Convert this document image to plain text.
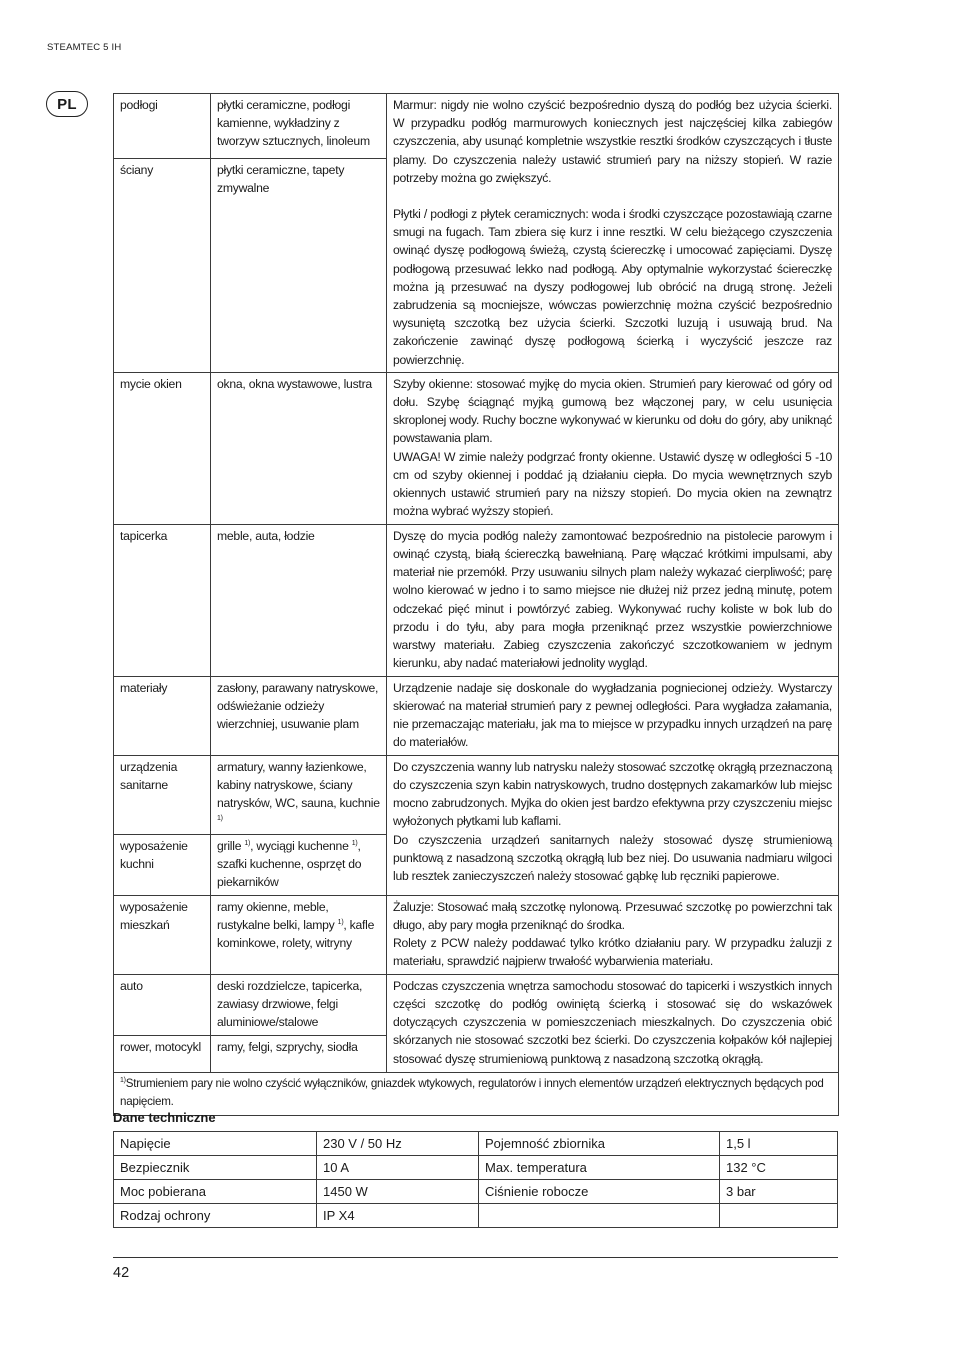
STEAMTEC 5 IH
PL	podłogi	płytki ceramiczne, podłogi kamienne, wykładziny z tworzyw sztucznych, linoleum	Marmur: nigdy nie wolno czyścić bezpośrednio dyszą do podłóg bez użycia ścierki. W przypadku podłóg marmurowych koniecznych jest najczęściej kilka zabiegów czyszczenia, aby usunąć kompletnie wszystkie resztki środków czyszczących i tłuste plamy. Do czyszczenia należy ustawić strumień pary na niższy stopień. W razie potrzeby można go zwiększyć.
Płytki / podłogi z płytek ceramicznych: woda i środki czyszczące pozostawiają czarne smugi na fugach. Tam zbiera się kurz i inne resztki. W celu bieżącego czyszczenia owinąć dyszę podłogową świeżą, czystą ściereczkę i umocować zapięciami. Dyszę podłogową przesuwać lekko nad podłogą. Aby optymalnie wykorzystać ściereczkę można ją przesuwać na dyszy podłogowej lub obrócić na drugą stronę. Jeżeli zabrudzenia są mocniejsze, wówczas powierzchnię można czyścić bezpośrednio wysuniętą szczotką bez użycia ścierki. Szczotki luzują i usuwają brud. Na zakończenie zawinąć dyszę podłogową ścierką i wyczyścić jeszcze raz powierzchnię.

ściany	płytki ceramiczne, tapety zmywalne	
mycie okien	okna, okna wystawowe, lustra	Szyby okienne: stosować myjkę do mycia okien. Strumień pary kierować od góry od dołu. Szybę ściągnąć myjką gumową bez włączonej pary, w celu usunięcia skroplonej wody. Ruchy boczne wykonywać w kierunku od dołu do góry, aby uniknąć powstawania plam.
UWAGA! W zimie należy podgrzać fronty okienne. Ustawić dyszę w odległości 5 -10 cm od szyby okiennej i poddać ją działaniu ciepła. Do mycia wewnętrznych szyb okiennych ustawić strumień pary na niższy stopień. Do mycia okien na zewnątrz można wybrać wyższy stopień.

tapicerka	meble, auta, łodzie	Dyszę do mycia podłóg należy zamontować bezpośrednio na pistolecie parowym i owinąć czystą, białą ściereczką bawełnianą. Parę włączać krótkimi impulsami, aby materiał nie przemókł. Przy usuwaniu silnych plam należy wykazać cierpliwość; parę wolno kierować w jedno i to samo miejsce nie dłużej niż przez jedną minutę, potem odczekać pięć minut i powtórzyć zabieg. Wykonywać ruchy koliste w bok lub do przodu i do tyłu, aby para mogła przeniknąć przez wszystkie powierzchniowe warstwy materiału. Zabieg czyszczenia zakończyć szczotkowaniem w jednym kierunku, aby nadać materiałowi jednolity wygląd.
materiały	zasłony, parawany natryskowe, odświeżanie odzieży wierzchniej, usuwanie plam	Urządzenie nadaje się doskonale do wygładzania pogniecionej odzieży. Wystarczy skierować na materiał strumień pary z pewnej odległości. Para wygładza załamania, nie przemaczając materiału, jak ma to miejsce w przypadku innych urządzeń na parę do materiałów.
urządzenia sanitarne	armatury, wanny łazienkowe, kabiny natryskowe, ściany natrysków, WC, sauna, kuchnie $^{1)}$	Do czyszczenia wanny lub natrysku należy stosować szczotkę okrągłą przeznaczoną do czyszczenia szyn kabin natryskowych, trudno dostępnych zakamarków lub miejsc mocno zabrudzonych. Myjka do okien jest bardzo efektywna przy czyszczeniu miejsc wyłożonych płytkami lub kaflami.
Do czyszczenia urządzeń sanitarnych należy stosować dyszę strumieniową punktową z nasadzoną szczotką okrągłą lub bez niej. Do usuwania nadmiaru wilgoci lub resztek zanieczyszczeń należy stosować gąbkę lub ręczniki papierowe.

wyposażenie kuchni	grille $^{1)}$, wyciągi kuchenne $^{1)}$, szafki kuchenne, osprzęt do piekarników	
wyposażenie mieszkań	ramy okienne, meble, rustykalne belki, lampy $^{1)}$, kafle kominkowe, rolety, witryny	Żaluzje: Stosować małą szczotkę nylonową. Przesuwać szczotkę po powierzchni tak długo, aby pary mogła przeniknąć do środka.
Rolety z PCW należy poddawać tylko krótko działaniu pary. W przypadku żaluzji z materiału, sprawdzić najpierw trwałość wybarwienia materiału.

auto	deski rozdzielcze, tapicerka, zawiasy drzwiowe, felgi aluminiowe/stalowe	Podczas czyszczenia wnętrza samochodu stosować do tapicerki i wszystkich innych części szczotkę do podłóg owiniętą ścierką i stosować się do wskazówek dotyczących czyszczenia w pomieszczeniach mieszkalnych. Do czyszczenia obić skórzanych nie stosować szczotki bez ścierki. Do czyszczenia kołpaków kół najlepiej stosować dyszę strumieniową punktową z nasadzoną szczotką okrągłą.
rower, motocykl	ramy, felgi, szprychy, siodła	
$^{1)}$Strumieniem pary nie wolno czyścić wyłączników, gniazdek wtykowych, regulatorów i innych elementów urządzeń elektrycznych będących pod napięciem.		
Dane techniczne
Napięcie	230 V / 50 Hz	Pojemność zbiornika	1,5 l
Bezpiecznik	10 A	Max. temperatura	132 °C
Moc pobierana	1450 W	Ciśnienie robocze	3 bar
Rodzaj ochrony	IP X4		
42
